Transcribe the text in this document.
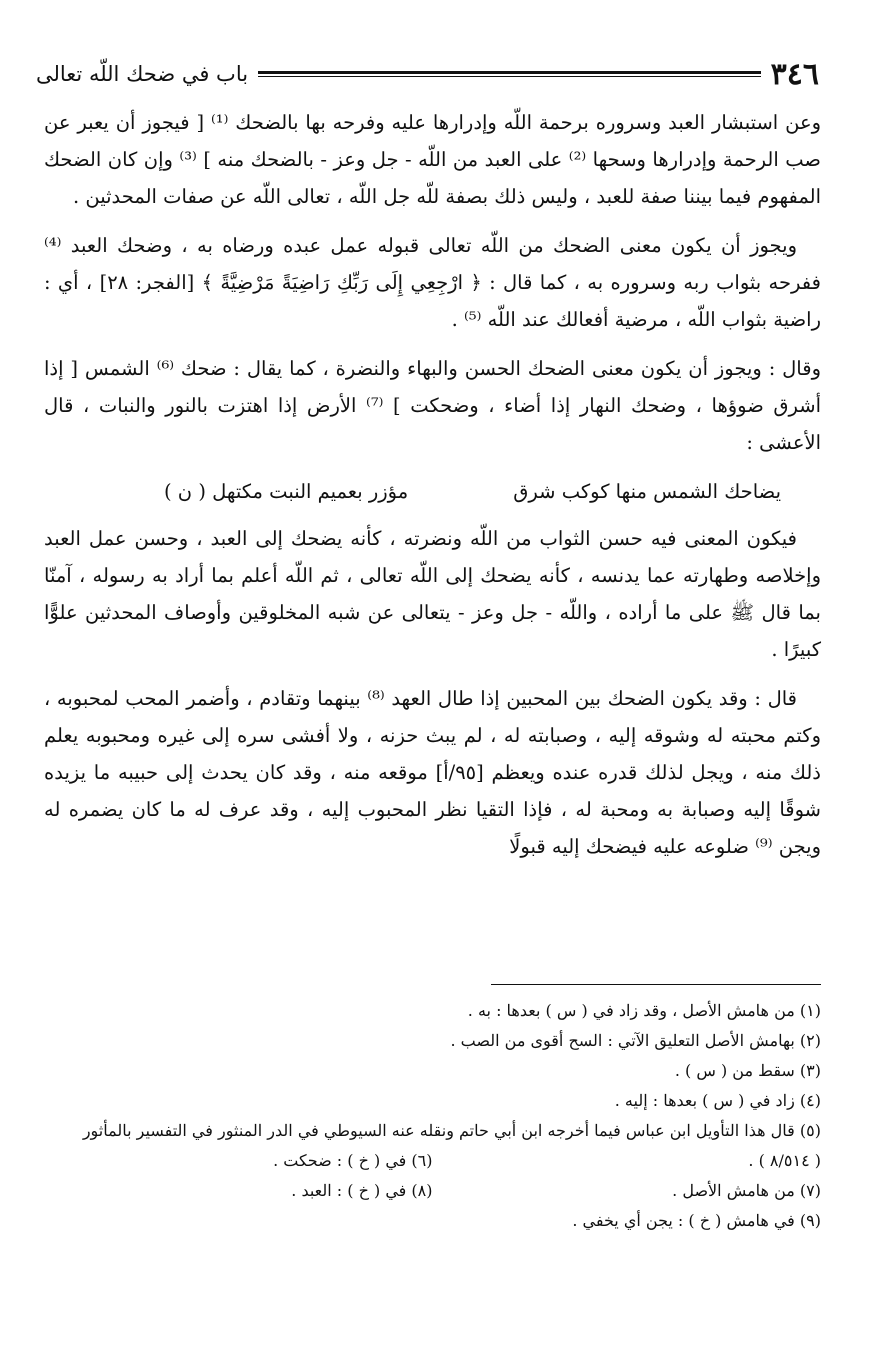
٣٤٦
باب في ضحك اللّه تعالى

وعن استبشار العبد وسروره برحمة اللّه وإدرارها عليه وفرحه بها بالضحك ⁽¹⁾ [ فيجوز أن يعبر عن صب الرحمة وإدرارها وسحها ⁽²⁾ على العبد من اللّه - جل وعز - بالضحك منه ] ⁽³⁾ وإن كان الضحك المفهوم فيما بيننا صفة للعبد ، وليس ذلك بصفة للّه جل اللّه ، تعالى اللّه عن صفات المحدثين .

ويجوز أن يكون معنى الضحك من اللّه تعالى قبوله عمل عبده ورضاه به ، وضحك العبد ⁽⁴⁾ ففرحه بثواب ربه وسروره به ، كما قال : ﴿ ارْجِعِي إِلَى رَبِّكِ رَاضِيَةً مَرْضِيَّةً ﴾ [الفجر: ٢٨] ، أي : راضية بثواب اللّه ، مرضية أفعالك عند اللّه ⁽⁵⁾ .

وقال : ويجوز أن يكون معنى الضحك الحسن والبهاء والنضرة ، كما يقال : ضحك ⁽⁶⁾ الشمس [ إذا أشرق ضوؤها ، وضحك النهار إذا أضاء ، وضحكت ] ⁽⁷⁾ الأرض إذا اهتزت بالنور والنبات ، قال الأعشى :

يضاحك الشمس منها كوكب شرق
مؤزر بعميم النبت مكتهل ( ن )

فيكون المعنى فيه حسن الثواب من اللّه ونضرته ، كأنه يضحك إلى العبد ، وحسن عمل العبد وإخلاصه وطهارته عما يدنسه ، كأنه يضحك إلى اللّه تعالى ، ثم اللّه أعلم بما أراد به رسوله ، آمنّا بما قال ﷺ على ما أراده ، واللّه - جل وعز - يتعالى عن شبه المخلوقين وأوصاف المحدثين علوًّا كبيرًا .

قال : وقد يكون الضحك بين المحبين إذا طال العهد ⁽⁸⁾ بينهما وتقادم ، وأضمر المحب لمحبوبه ، وكتم محبته له وشوقه إليه ، وصبابته له ، لم يبث حزنه ، ولا أفشى سره إلى غيره ومحبوبه يعلم ذلك منه ، ويجل لذلك قدره عنده ويعظم [٩٥/أ] موقعه منه ، وقد كان يحدث إلى حبيبه ما يزيده شوقًا إليه وصبابة به ومحبة له ، فإذا التقيا نظر المحبوب إليه ، وقد عرف له ما كان يضمره له ويجن ⁽⁹⁾ ضلوعه عليه فيضحك إليه قبولًا

(١) من هامش الأصل ، وقد زاد في ( س ) بعدها : به .
(٢) بهامش الأصل التعليق الآتي : السح أقوى من الصب .
(٣) سقط من ( س ) .
(٤) زاد في ( س ) بعدها : إليه .
(٥) قال هذا التأويل ابن عباس فيما أخرجه ابن أبي حاتم ونقله عنه السيوطي في الدر المنثور في التفسير بالمأثور
( ٨/٥١٤ ) .
(٦) في ( خ ) : ضحكت .
(٧) من هامش الأصل .
(٨) في ( خ ) : العبد .
(٩) في هامش ( خ ) : يجن أي يخفي .
